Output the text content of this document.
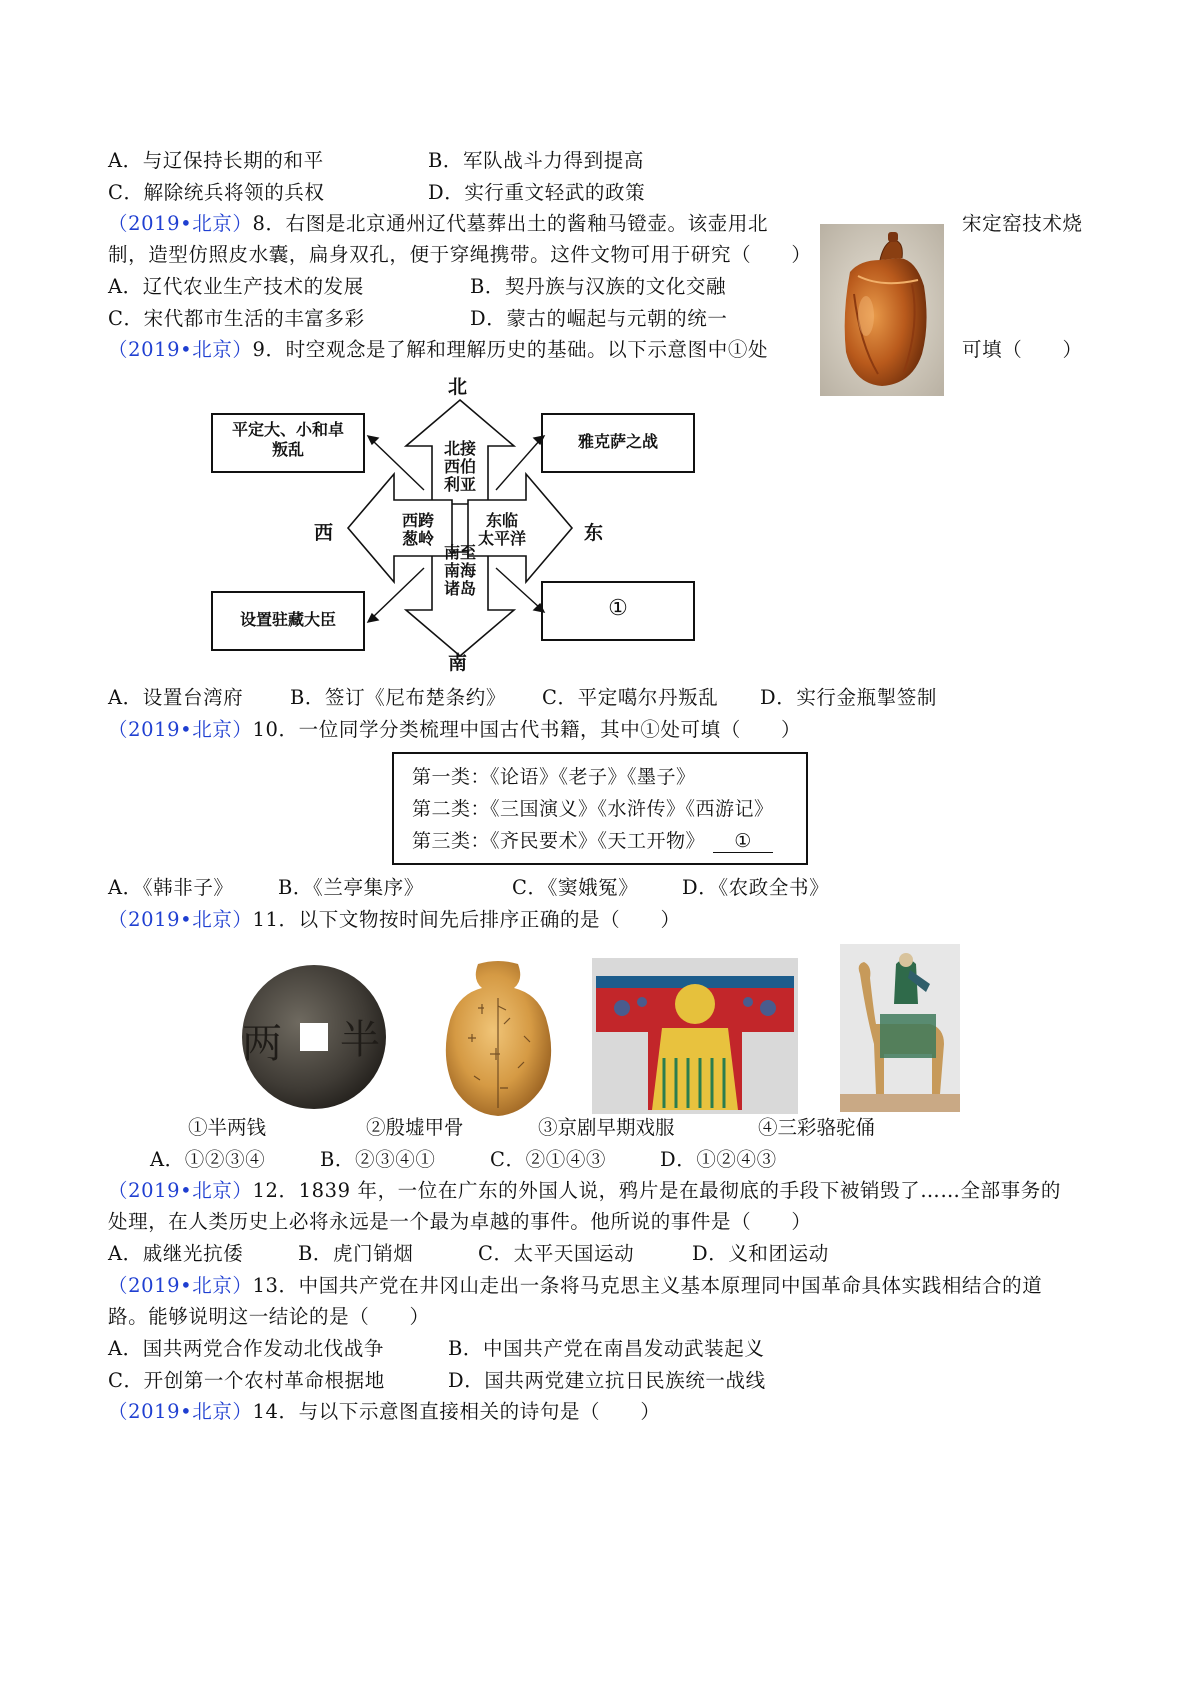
A．与辽保持长期的和平	B．军队战斗力得到提高
C．解除统兵将领的兵权	D．实行重文轻武的政策
（2019•北京）8．右图是北京通州辽代墓葬出土的酱釉马镫壶。该壶用北	宋定窑技术烧
制，造型仿照皮水囊，扁身双孔，便于穿绳携带。这件文物可用于研究（　　）
A．辽代农业生产技术的发展	B．契丹族与汉族的文化交融
C．宋代都市生活的丰富多彩	D．蒙古的崛起与元朝的统一
（2019•北京）9．时空观念是了解和理解历史的基础。以下示意图中①处	可填（　　）
北
南
西	东
北接
西伯
利亚
西跨
葱岭
东临
太平洋
南至
南海
诸岛
平定大、小和卓
叛乱	雅克萨之战
设置驻藏大臣	①
A．设置台湾府 B．签订《尼布楚条约》 C．平定噶尔丹叛乱 D．实行金瓶掣签制
（2019•北京）10．一位同学分类梳理中国古代书籍，其中①处可填（　　）
第一类：《论语》《老子》《墨子》
第二类：《三国演义》《水浒传》《西游记》
第三类：《齐民要术》《天工开物》 ①
A．《韩非子》 B．《兰亭集序》	C．《窦娥冤》 D．《农政全书》
（2019•北京）11．以下文物按时间先后排序正确的是（　　）
两 半
①半两钱	②殷墟甲骨	③京剧早期戏服	④三彩骆驼俑
A．①②③④	B．②③④①	C．②①④③	D．①②④③
（2019•北京）12．1839 年，一位在广东的外国人说，鸦片是在最彻底的手段下被销毁了……全部事务的
处理，在人类历史上必将永远是一个最为卓越的事件。他所说的事件是（　　）
A．戚继光抗倭	B．虎门销烟	C．太平天国运动	D．义和团运动
（2019•北京）13．中国共产党在井冈山走出一条将马克思主义基本原理同中国革命具体实践相结合的道
路。能够说明这一结论的是（　　）
A．国共两党合作发动北伐战争	B．中国共产党在南昌发动武装起义
C．开创第一个农村革命根据地	D．国共两党建立抗日民族统一战线
（2019•北京）14．与以下示意图直接相关的诗句是（　　）
